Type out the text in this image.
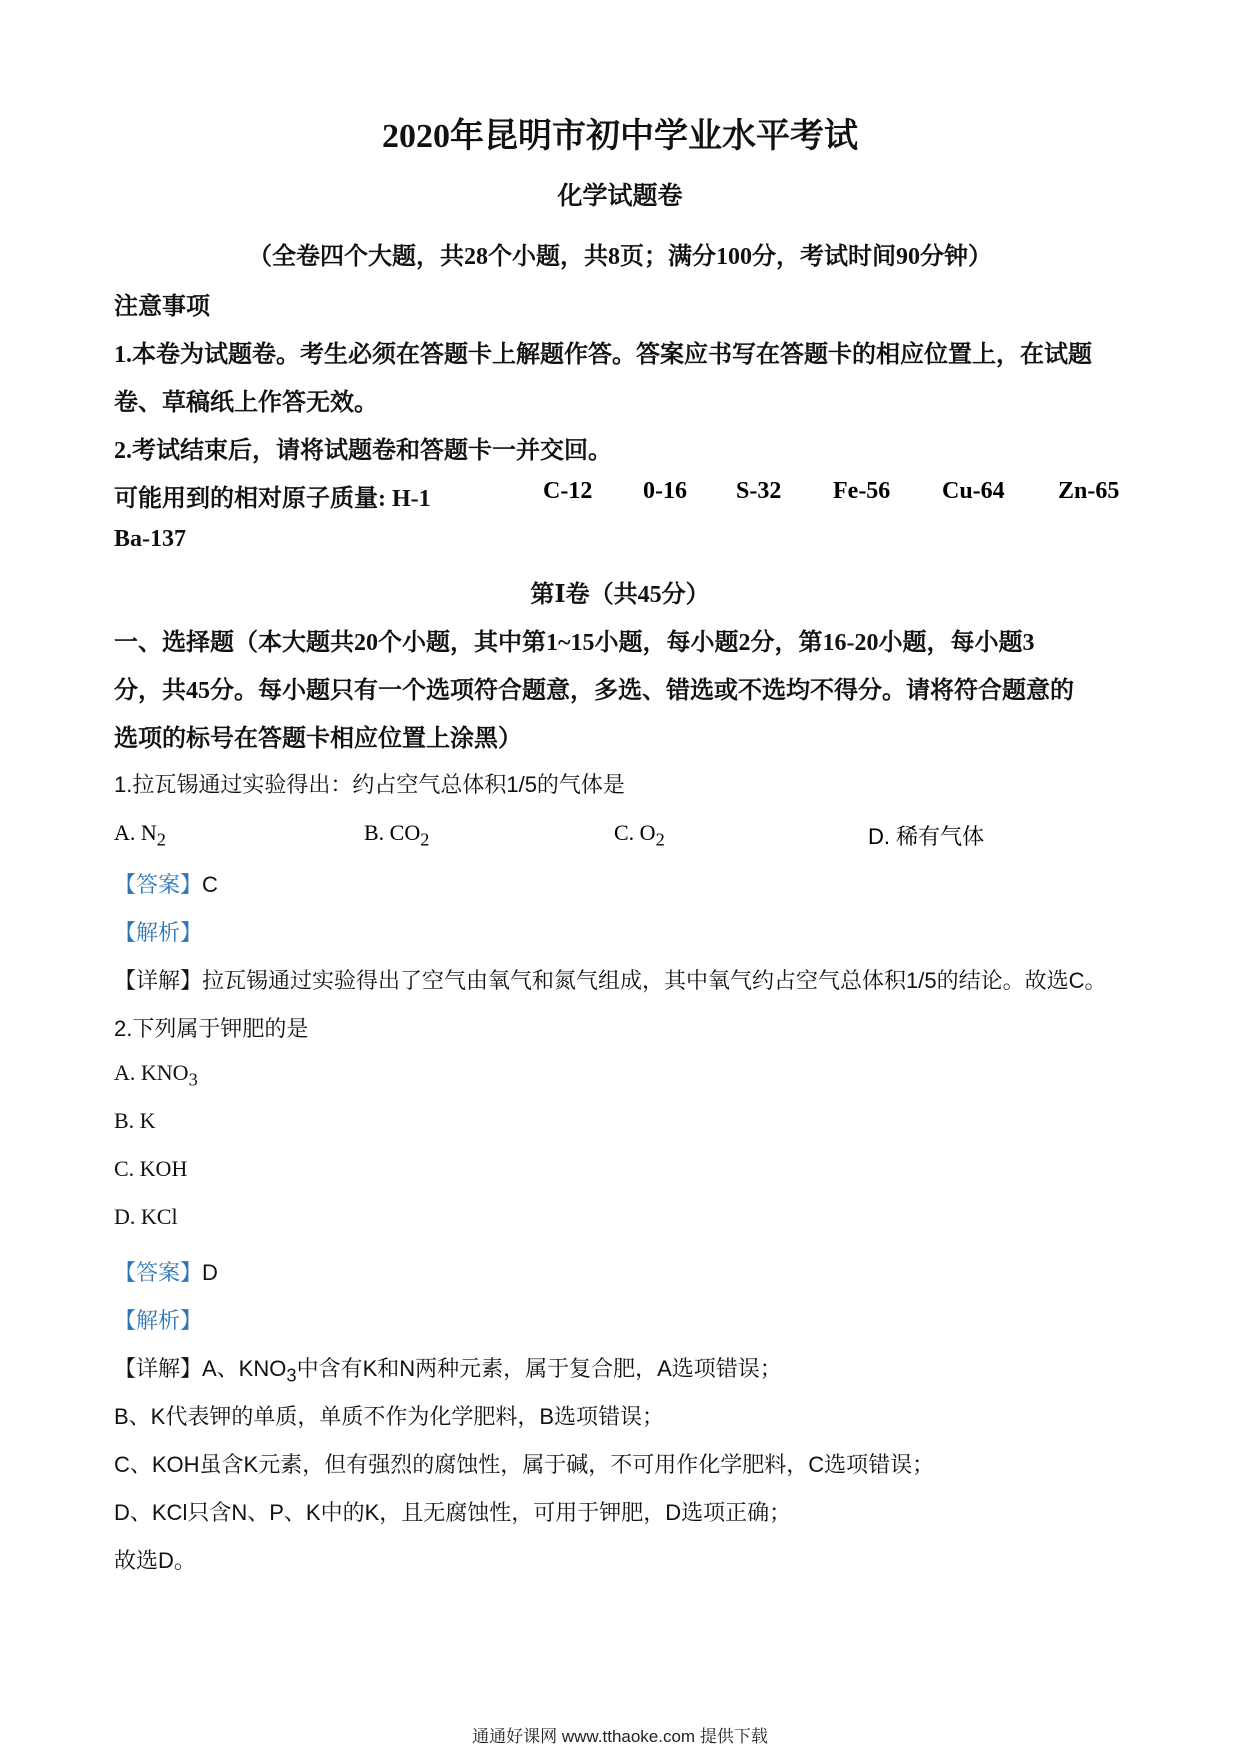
2020年昆明市初中学业水平考试
化学试题卷
（全卷四个大题，共28个小题，共8页；满分100分，考试时间90分钟）
注意事项
1.本卷为试题卷。考生必须在答题卡上解题作答。答案应书写在答题卡的相应位置上，在试题
卷、草稿纸上作答无效。
2.考试结束后，请将试题卷和答题卡一并交回。
可能用到的相对原子质量: H-1	C-12 0-16 S-32 Fe-56 Cu-64 Zn-65
Ba-137
第Ⅰ卷（共45分）
一、选择题（本大题共20个小题，其中第1~15小题，每小题2分，第16-20小题，每小题3
分，共45分。每小题只有一个选项符合题意，多选、错选或不选均不得分。请将符合题意的
选项的标号在答题卡相应位置上涂黑）
1.拉瓦锡通过实验得出：约占空气总体积1/5的气体是
A. $N_2$	B. $CO_2$	C. $O_2$	D. 稀有气体
【答案】C
【解析】
【详解】拉瓦锡通过实验得出了空气由氧气和氮气组成，其中氧气约占空气总体积1/5的结论。故选C。
2.下列属于钾肥的是
A. $KNO_3$
B. K
C. KOH
D. KCl
【答案】D
【解析】
【详解】A、$KNO_3$中含有K和N两种元素，属于复合肥，A选项错误；
B、K代表钾的单质，单质不作为化学肥料，B选项错误；
C、KOH虽含K元素，但有强烈的腐蚀性，属于碱，不可用作化学肥料，C选项错误；
D、KCl只含N、P、K中的K，且无腐蚀性，可用于钾肥，D选项正确；
故选D。
通通好课网 www.tthaoke.com 提供下载
